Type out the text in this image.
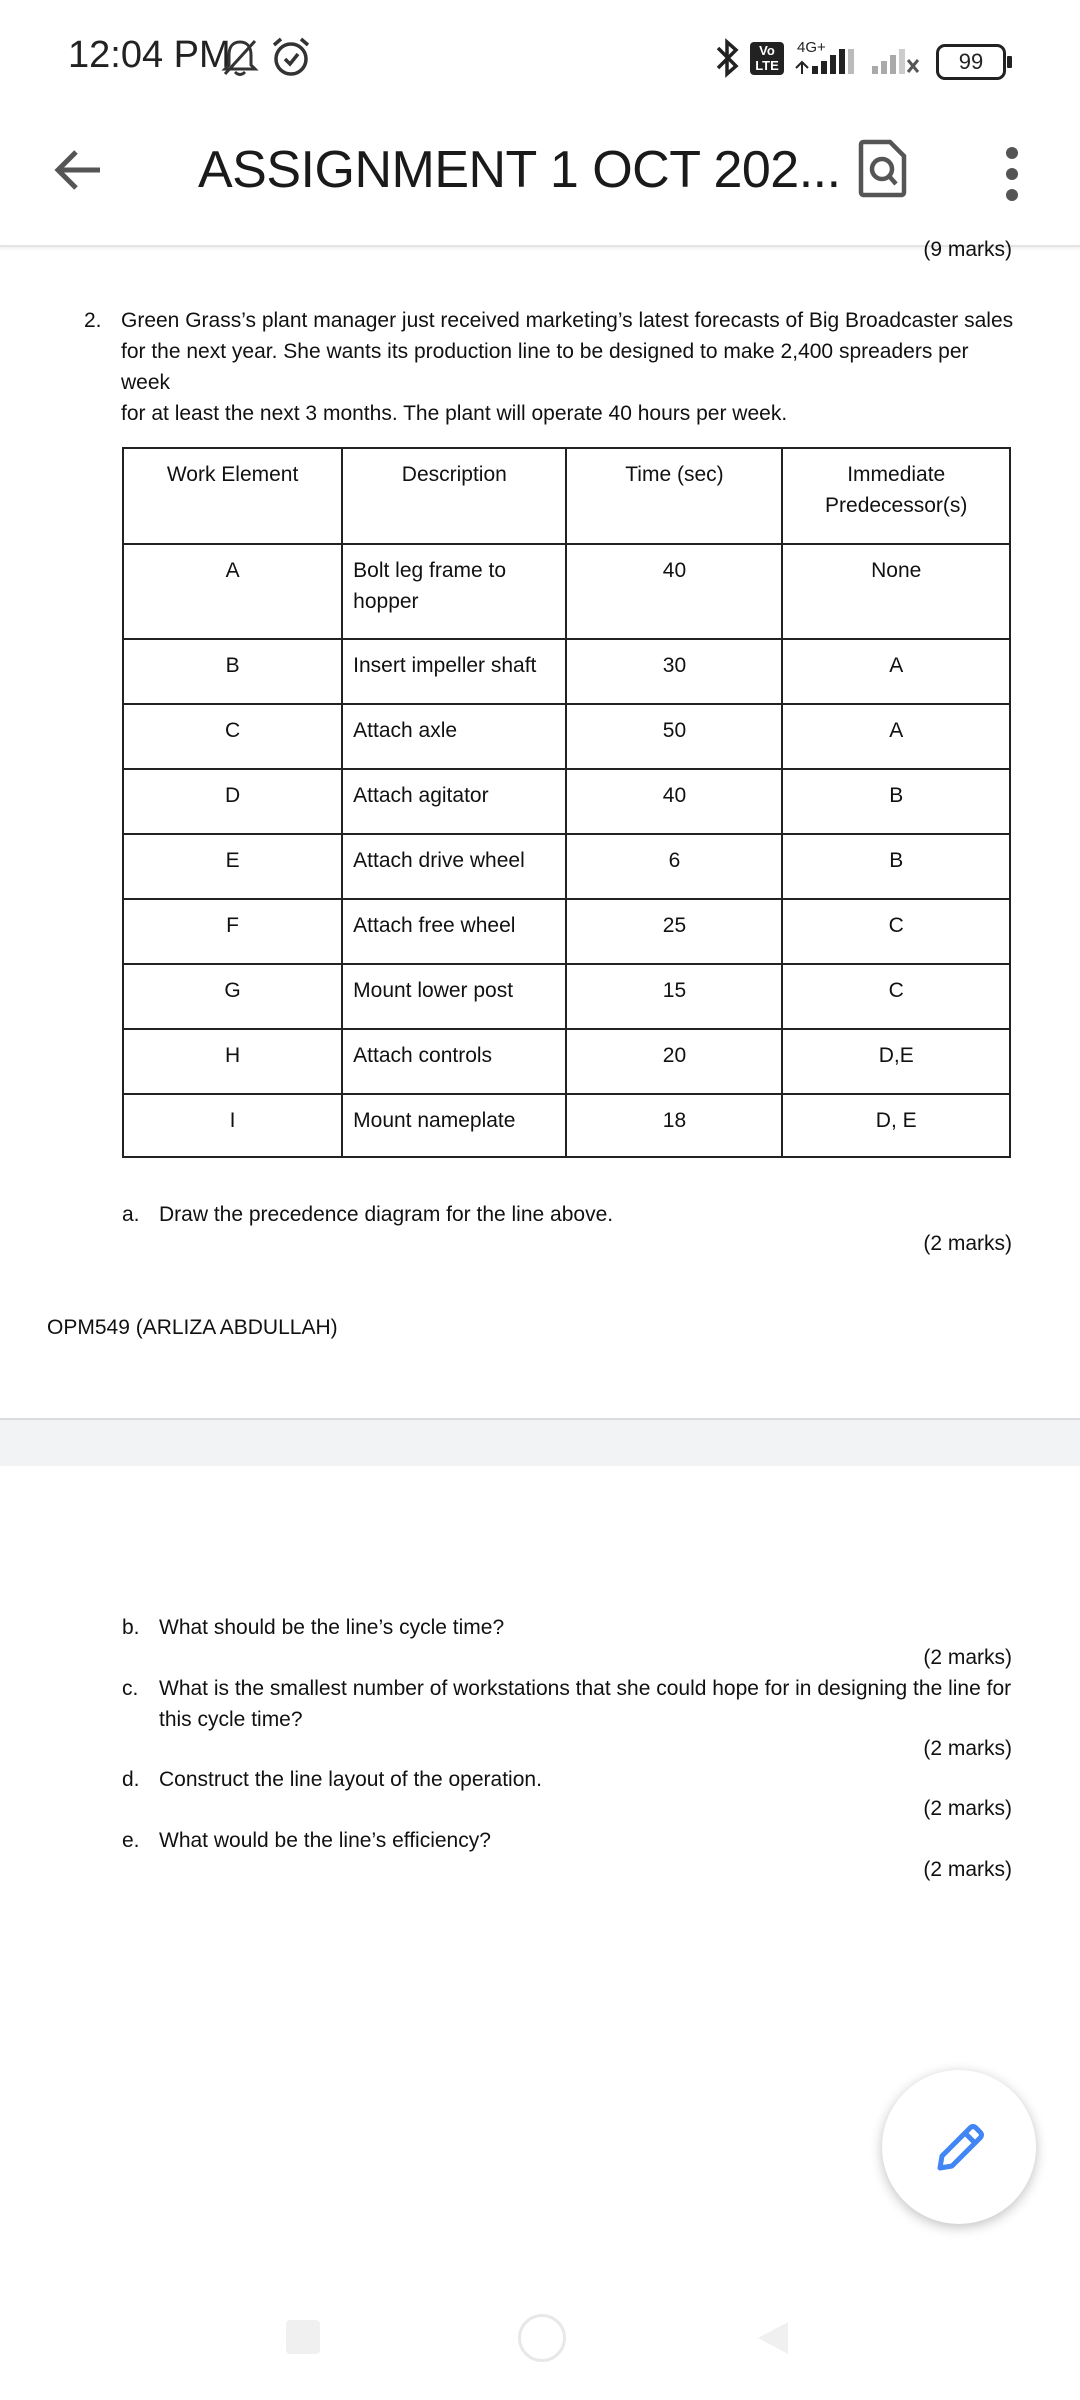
12:04 PM	Vo LTE
4G+
99
ASSIGNMENT 1 OCT 202...
(9 marks)
2. Green Grass’s plant manager just received marketing’s latest forecasts of Big Broadcaster sales
for the next year. She wants its production line to be designed to make 2,400 spreaders per week
for at least the next 3 months. The plant will operate 40 hours per week.
Work Element	Description	Time (sec)	Immediate Predecessor(s)
A	Bolt leg frame to hopper	40	None
B	Insert impeller shaft	30	A
C	Attach axle	50	A
D	Attach agitator	40	B
E	Attach drive wheel	6	B
F	Attach free wheel	25	C
G	Mount lower post	15	C
H	Attach controls	20	D,E
I	Mount nameplate	18	D, E
a. Draw the precedence diagram for the line above.
(2 marks)
OPM549 (ARLIZA ABDULLAH)
b. What should be the line’s cycle time?
(2 marks)
c. What is the smallest number of workstations that she could hope for in designing the line for
this cycle time?
(2 marks)
d. Construct the line layout of the operation.
(2 marks)
e. What would be the line’s efficiency?
(2 marks)
